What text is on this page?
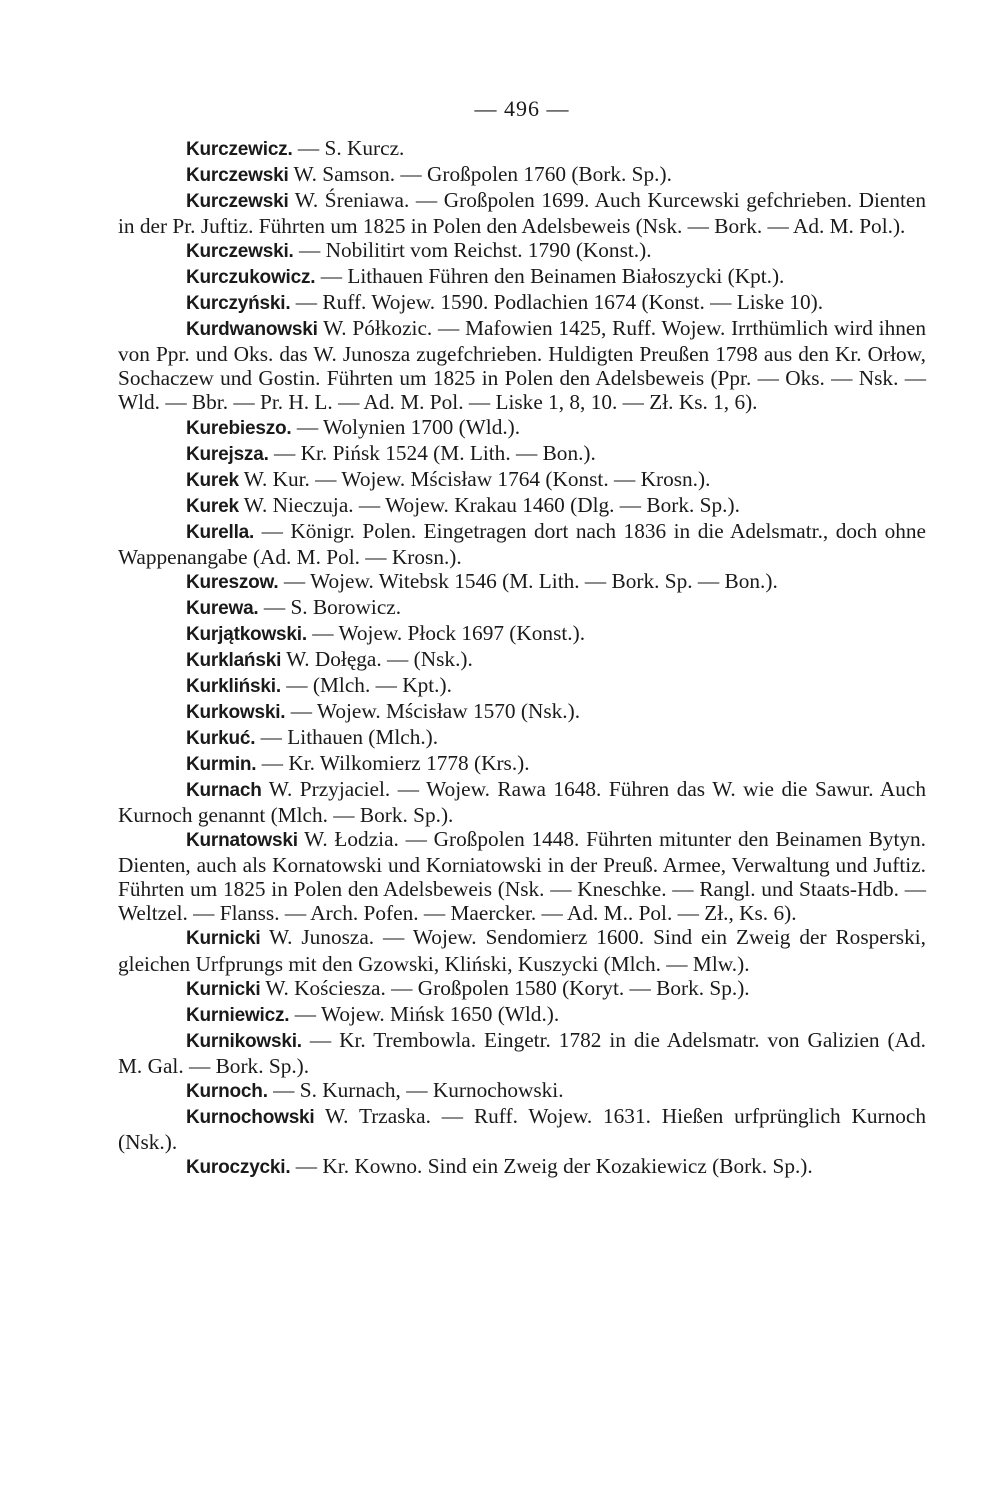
— 496 —

Kurczewicz. — S. Kurcz.

Kurczewski W. Samson. — Großpolen 1760 (Bork. Sp.).

Kurczewski W. Śreniawa. — Großpolen 1699. Auch Kurcewski gefchrieben. Dienten in der Pr. Juftiz. Führten um 1825 in Polen den Adelsbeweis (Nsk. — Bork. — Ad. M. Pol.).

Kurczewski. — Nobilitirt vom Reichst. 1790 (Konst.).

Kurczukowicz. — Lithauen Führen den Beinamen Białoszycki (Kpt.).

Kurczyński. — Ruff. Wojew. 1590. Podlachien 1674 (Konst. — Liske 10).

Kurdwanowski W. Półkozic. — Mafowien 1425, Ruff. Wojew. Irrthümlich wird ihnen von Ppr. und Oks. das W. Junosza zugefchrieben. Huldigten Preußen 1798 aus den Kr. Orłow, Sochaczew und Gostin. Führten um 1825 in Polen den Adelsbeweis (Ppr. — Oks. — Nsk. — Wld. — Bbr. — Pr. H. L. — Ad. M. Pol. — Liske 1, 8, 10. — Zł. Ks. 1, 6).

Kurebieszo. — Wolynien 1700 (Wld.).

Kurejsza. — Kr. Pińsk 1524 (M. Lith. — Bon.).

Kurek W. Kur. — Wojew. Mścisław 1764 (Konst. — Krosn.).

Kurek W. Nieczuja. — Wojew. Krakau 1460 (Dlg. — Bork. Sp.).

Kurella. — Königr. Polen. Eingetragen dort nach 1836 in die Adelsmatr., doch ohne Wappenangabe (Ad. M. Pol. — Krosn.).

Kureszow. — Wojew. Witebsk 1546 (M. Lith. — Bork. Sp. — Bon.).

Kurewa. — S. Borowicz.

Kurjątkowski. — Wojew. Płock 1697 (Konst.).

Kurklański W. Dołęga. — (Nsk.).

Kurkliński. — (Mlch. — Kpt.).

Kurkowski. — Wojew. Mścisław 1570 (Nsk.).

Kurkuć. — Lithauen (Mlch.).

Kurmin. — Kr. Wilkomierz 1778 (Krs.).

Kurnach W. Przyjaciel. — Wojew. Rawa 1648. Führen das W. wie die Sawur. Auch Kurnoch genannt (Mlch. — Bork. Sp.).

Kurnatowski W. Łodzia. — Großpolen 1448. Führten mitunter den Beinamen Bytyn. Dienten, auch als Kornatowski und Korniatowski in der Preuß. Armee, Verwaltung und Juftiz. Führten um 1825 in Polen den Adelsbeweis (Nsk. — Kneschke. — Rangl. und Staats-Hdb. — Weltzel. — Flanss. — Arch. Pofen. — Maercker. — Ad. M.. Pol. — Zł., Ks. 6).

Kurnicki W. Junosza. — Wojew. Sendomierz 1600. Sind ein Zweig der Rosperski, gleichen Urfprungs mit den Gzowski, Kliński, Kuszycki (Mlch. — Mlw.).

Kurnicki W. Kościesza. — Großpolen 1580 (Koryt. — Bork. Sp.).

Kurniewicz. — Wojew. Mińsk 1650 (Wld.).

Kurnikowski. — Kr. Trembowla. Eingetr. 1782 in die Adelsmatr. von Galizien (Ad. M. Gal. — Bork. Sp.).

Kurnoch. — S. Kurnach, — Kurnochowski.

Kurnochowski W. Trzaska. — Ruff. Wojew. 1631. Hießen urfprünglich Kurnoch (Nsk.).

Kuroczycki. — Kr. Kowno. Sind ein Zweig der Kozakiewicz (Bork. Sp.).
